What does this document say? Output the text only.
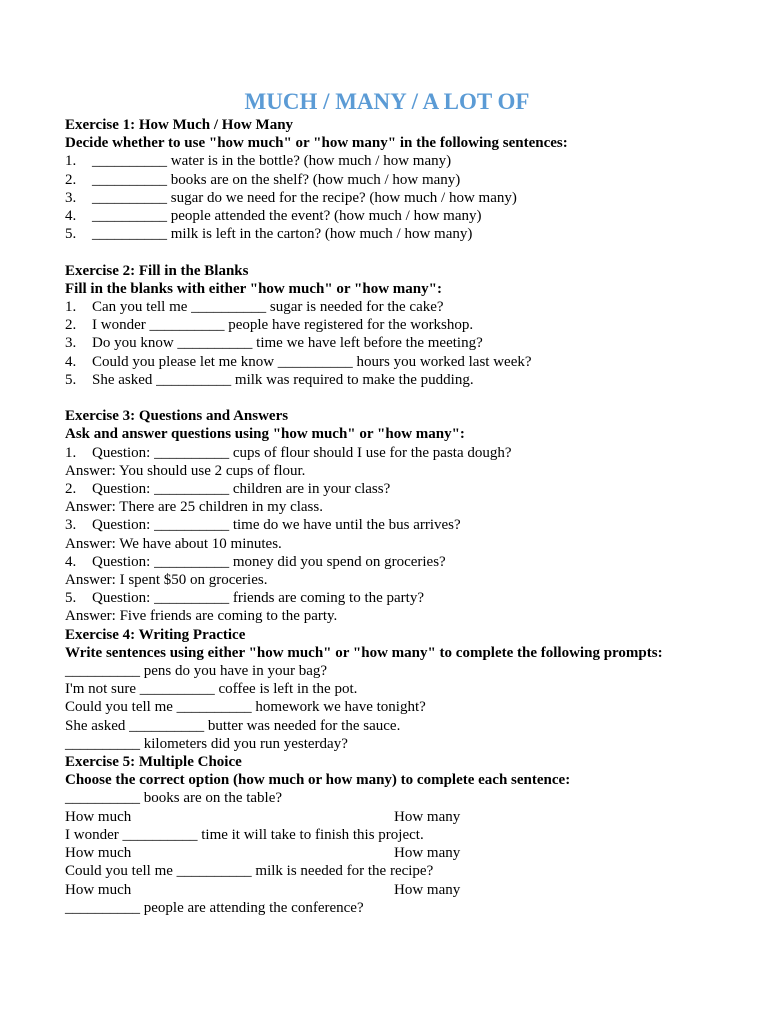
MUCH / MANY / A LOT OF
Exercise 1: How Much / How Many
Decide whether to use "how much" or "how many" in the following sentences:
1. __________ water is in the bottle? (how much / how many)
2. __________ books are on the shelf? (how much / how many)
3. __________ sugar do we need for the recipe? (how much / how many)
4. __________ people attended the event? (how much / how many)
5. __________ milk is left in the carton? (how much / how many)
Exercise 2: Fill in the Blanks
Fill in the blanks with either "how much" or "how many":
1. Can you tell me __________ sugar is needed for the cake?
2. I wonder __________ people have registered for the workshop.
3. Do you know __________ time we have left before the meeting?
4. Could you please let me know __________ hours you worked last week?
5. She asked __________ milk was required to make the pudding.
Exercise 3: Questions and Answers
Ask and answer questions using "how much" or "how many":
1. Question: __________ cups of flour should I use for the pasta dough?
Answer: You should use 2 cups of flour.
2. Question: __________ children are in your class?
Answer: There are 25 children in my class.
3. Question: __________ time do we have until the bus arrives?
Answer: We have about 10 minutes.
4. Question: __________ money did you spend on groceries?
Answer: I spent $50 on groceries.
5. Question: __________ friends are coming to the party?
Answer: Five friends are coming to the party.
Exercise 4: Writing Practice
Write sentences using either "how much" or "how many" to complete the following prompts:
__________ pens do you have in your bag?
I'm not sure __________ coffee is left in the pot.
Could you tell me __________ homework we have tonight?
She asked __________ butter was needed for the sauce.
__________ kilometers did you run yesterday?
Exercise 5: Multiple Choice
Choose the correct option (how much or how many) to complete each sentence:
__________ books are on the table?
How much	How many
I wonder __________ time it will take to finish this project.
How much	How many
Could you tell me __________ milk is needed for the recipe?
How much	How many
__________ people are attending the conference?
